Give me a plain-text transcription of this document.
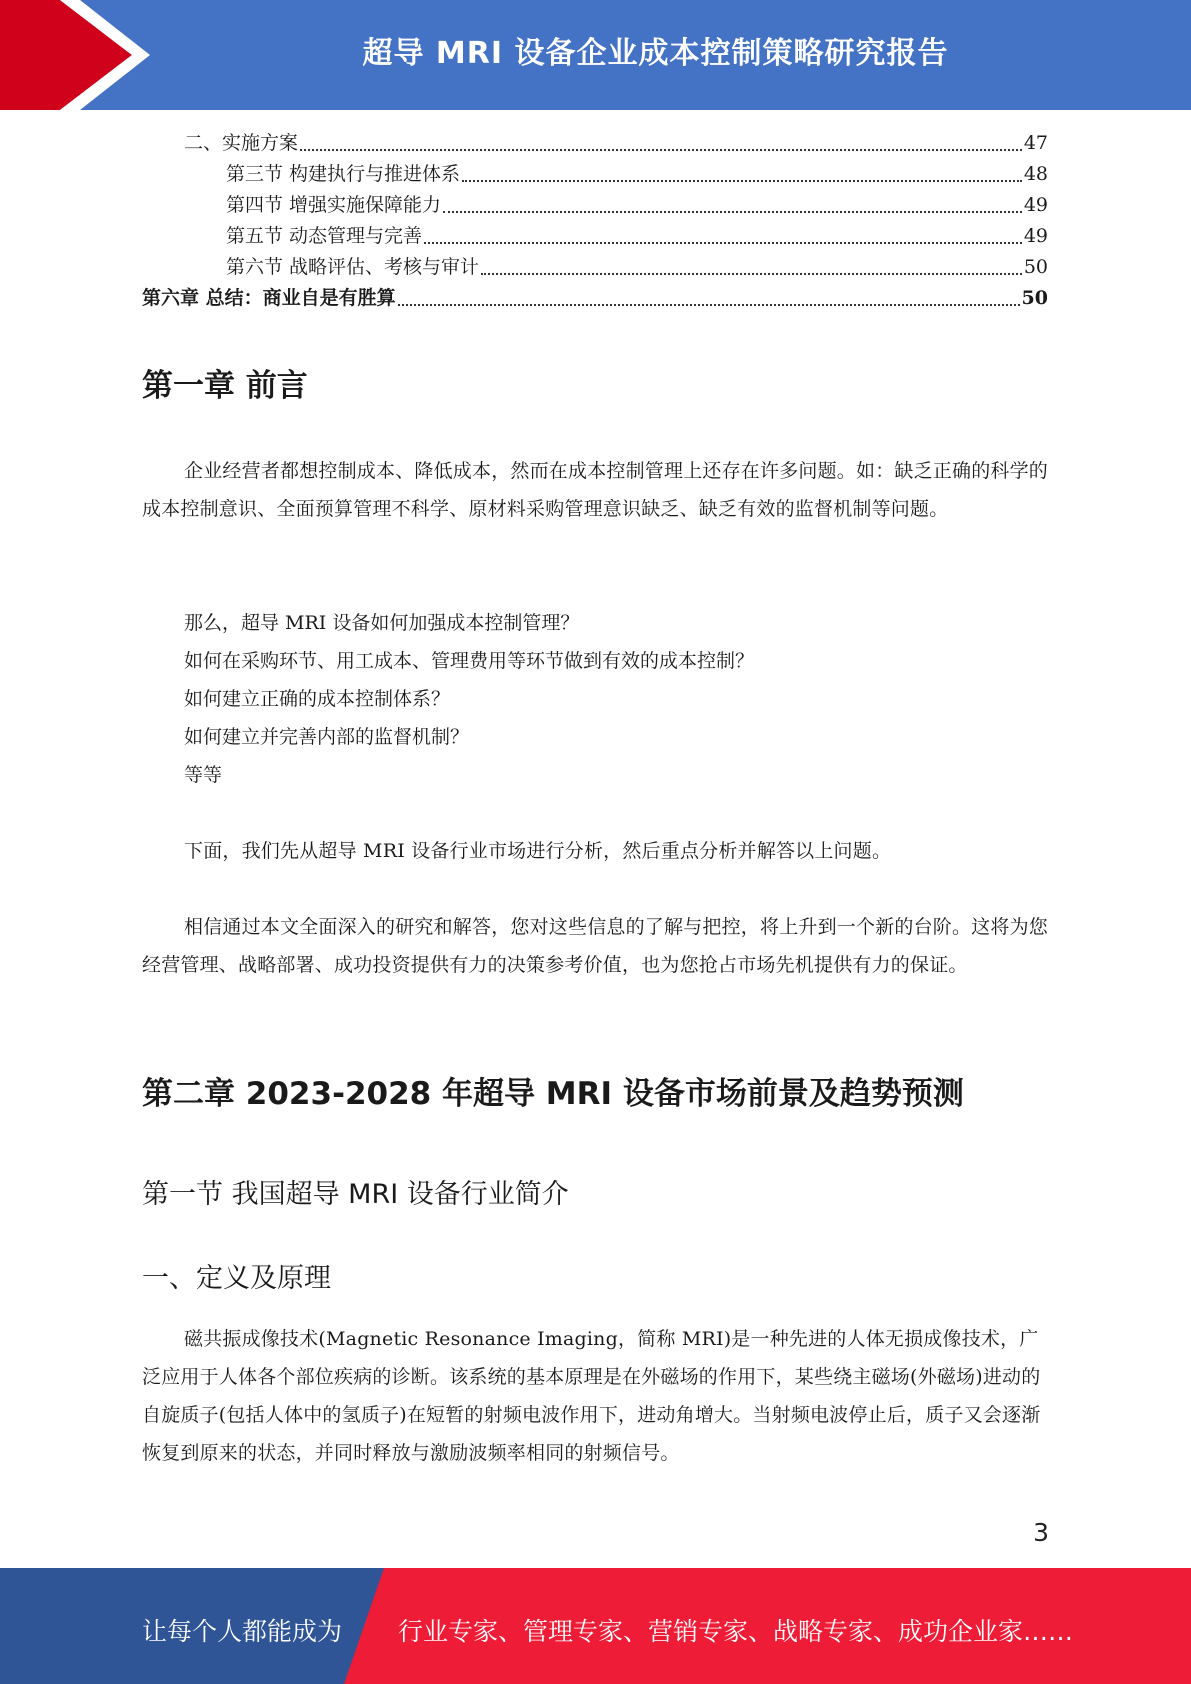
超导 MRI 设备企业成本控制策略研究报告
二、实施方案	47
第三节 构建执行与推进体系	48
第四节 增强实施保障能力	49
第五节 动态管理与完善	49
第六节 战略评估、考核与审计	50
第六章 总结：商业自是有胜算	50
第一章 前言

企业经营者都想控制成本、降低成本，然而在成本控制管理上还存在许多问题。如：缺乏正确的科学的成本控制意识、全面预算管理不科学、原材料采购管理意识缺乏、缺乏有效的监督机制等问题。

那么，超导 MRI 设备如何加强成本控制管理？
如何在采购环节、用工成本、管理费用等环节做到有效的成本控制？
如何建立正确的成本控制体系？
如何建立并完善内部的监督机制？
等等

下面，我们先从超导 MRI 设备行业市场进行分析，然后重点分析并解答以上问题。

相信通过本文全面深入的研究和解答，您对这些信息的了解与把控，将上升到一个新的台阶。这将为您经营管理、战略部署、成功投资提供有力的决策参考价值，也为您抢占市场先机提供有力的保证。

第二章 2023-2028 年超导 MRI 设备市场前景及趋势预测
第一节 我国超导 MRI 设备行业简介
一、定义及原理

磁共振成像技术(Magnetic Resonance Imaging，简称 MRI)是一种先进的人体无损成像技术，广泛应用于人体各个部位疾病的诊断。该系统的基本原理是在外磁场的作用下，某些绕主磁场(外磁场)进动的自旋质子(包括人体中的氢质子)在短暂的射频电波作用下，进动角增大。当射频电波停止后，质子又会逐渐恢复到原来的状态，并同时释放与激励波频率相同的射频信号。

3
让每个人都能成为 行业专家、管理专家、营销专家、战略专家、成功企业家……
